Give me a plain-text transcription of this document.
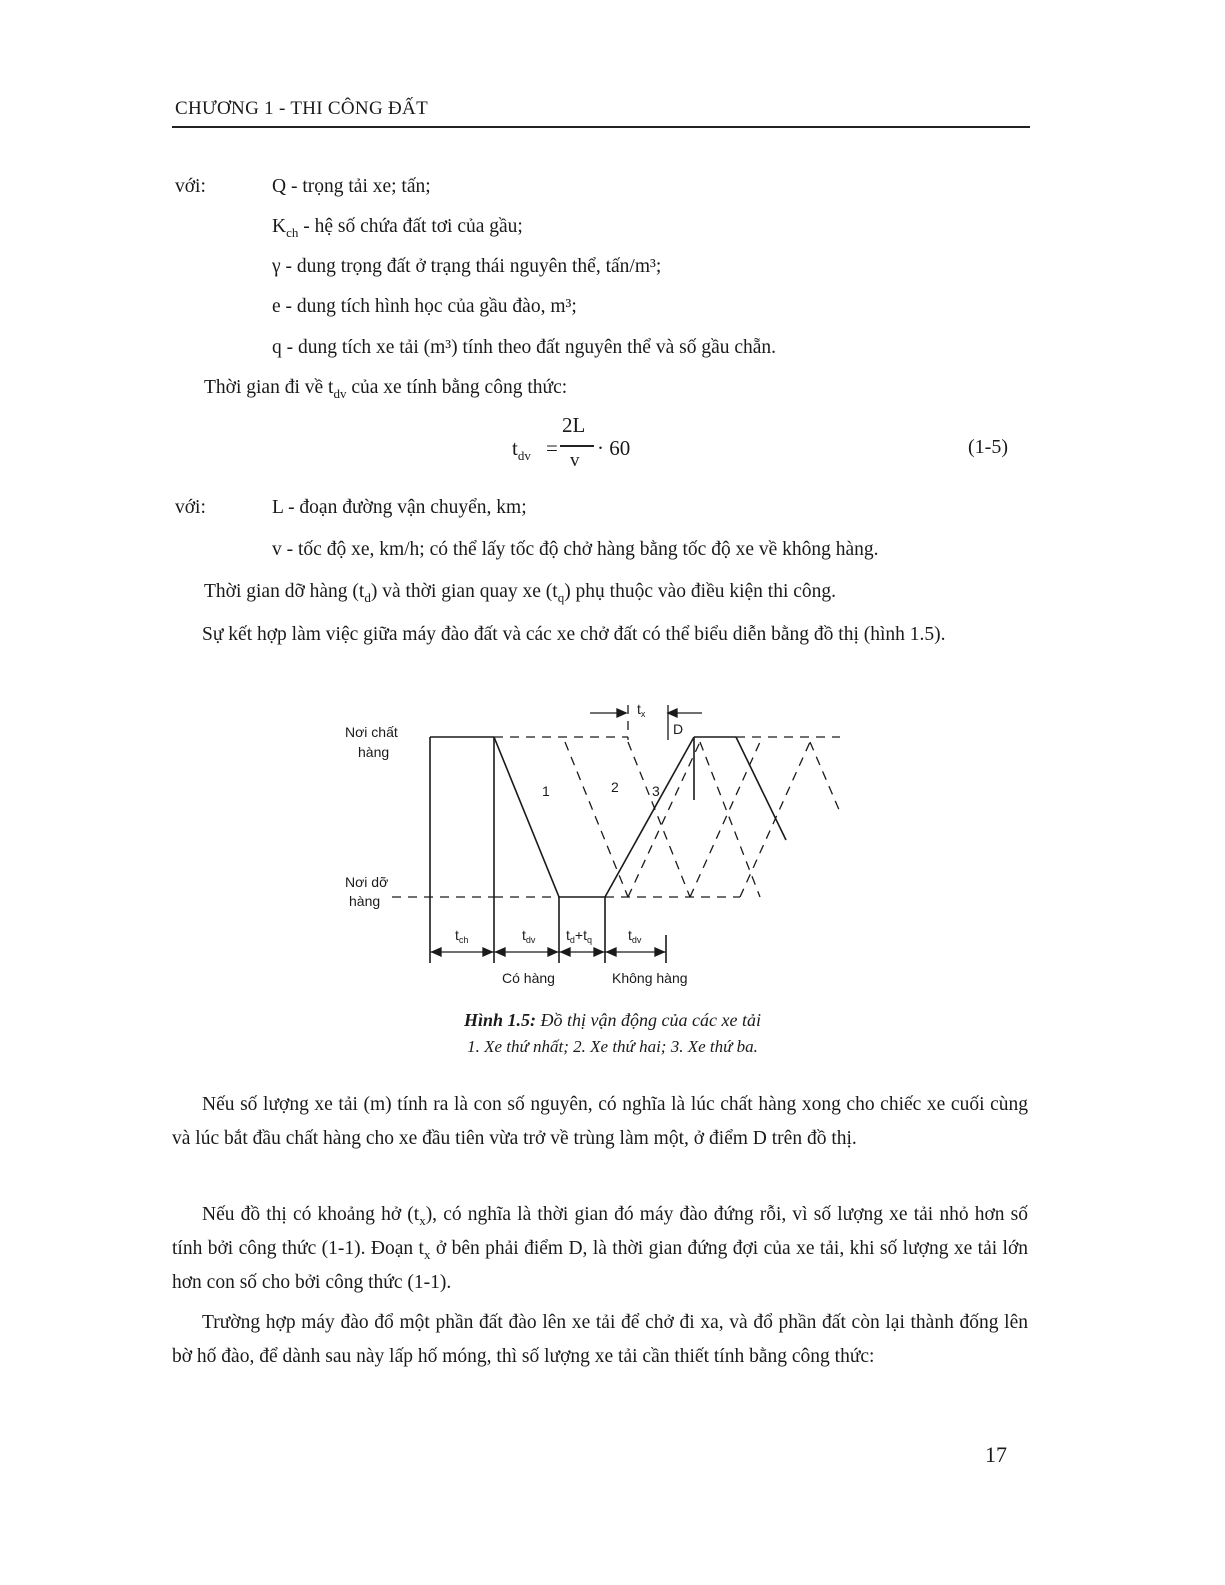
CHƯƠNG 1 - THI CÔNG ĐẤT
với:	Q - trọng tải xe; tấn;
$K_{ch}$ - hệ số chứa đất tơi của gầu;
γ - dung trọng đất ở trạng thái nguyên thể, tấn/m³;
e - dung tích hình học của gầu đào, m³;
q - dung tích xe tải (m³) tính theo đất nguyên thể và số gầu chẵn.
Thời gian đi về $t_{dv}$ của xe tính bằng công thức:
$t_{dv}$ =
2L
v
· 60	(1-5)
với:	L - đoạn đường vận chuyển, km;
v - tốc độ xe, km/h; có thể lấy tốc độ chở hàng bằng tốc độ xe về không hàng.
Thời gian dỡ hàng $(t_d)$ và thời gian quay xe $(t_q)$ phụ thuộc vào điều kiện thi công.
Sự kết hợp làm việc giữa máy đào đất và các xe chở đất có thể biểu diễn bằng đồ thị (hình 1.5).
Nơi chất
hàng
Nơi dỡ
hàng
1	2 3
D
$t_x$
$t_{ch}$	$t_{dv}$ $t_d+t_q$	$t_{dv}$
Có hàng	Không hàng
Hình 1.5: Đồ thị vận động của các xe tải
1. Xe thứ nhất; 2. Xe thứ hai; 3. Xe thứ ba.
Nếu số lượng xe tải (m) tính ra là con số nguyên, có nghĩa là lúc chất hàng xong cho chiếc xe cuối cùng và lúc bắt đầu chất hàng cho xe đầu tiên vừa trở về trùng làm một, ở điểm D trên đồ thị.
Nếu đồ thị có khoảng hở $(t_x)$, có nghĩa là thời gian đó máy đào đứng rỗi, vì số lượng xe tải nhỏ hơn số tính bởi công thức (1-1). Đoạn $t_x$ ở bên phải điểm D, là thời gian đứng đợi của xe tải, khi số lượng xe tải lớn hơn con số cho bởi công thức (1-1).
Trường hợp máy đào đổ một phần đất đào lên xe tải để chở đi xa, và đổ phần đất còn lại thành đống lên bờ hố đào, để dành sau này lấp hố móng, thì số lượng xe tải cần thiết tính bằng công thức:
17
